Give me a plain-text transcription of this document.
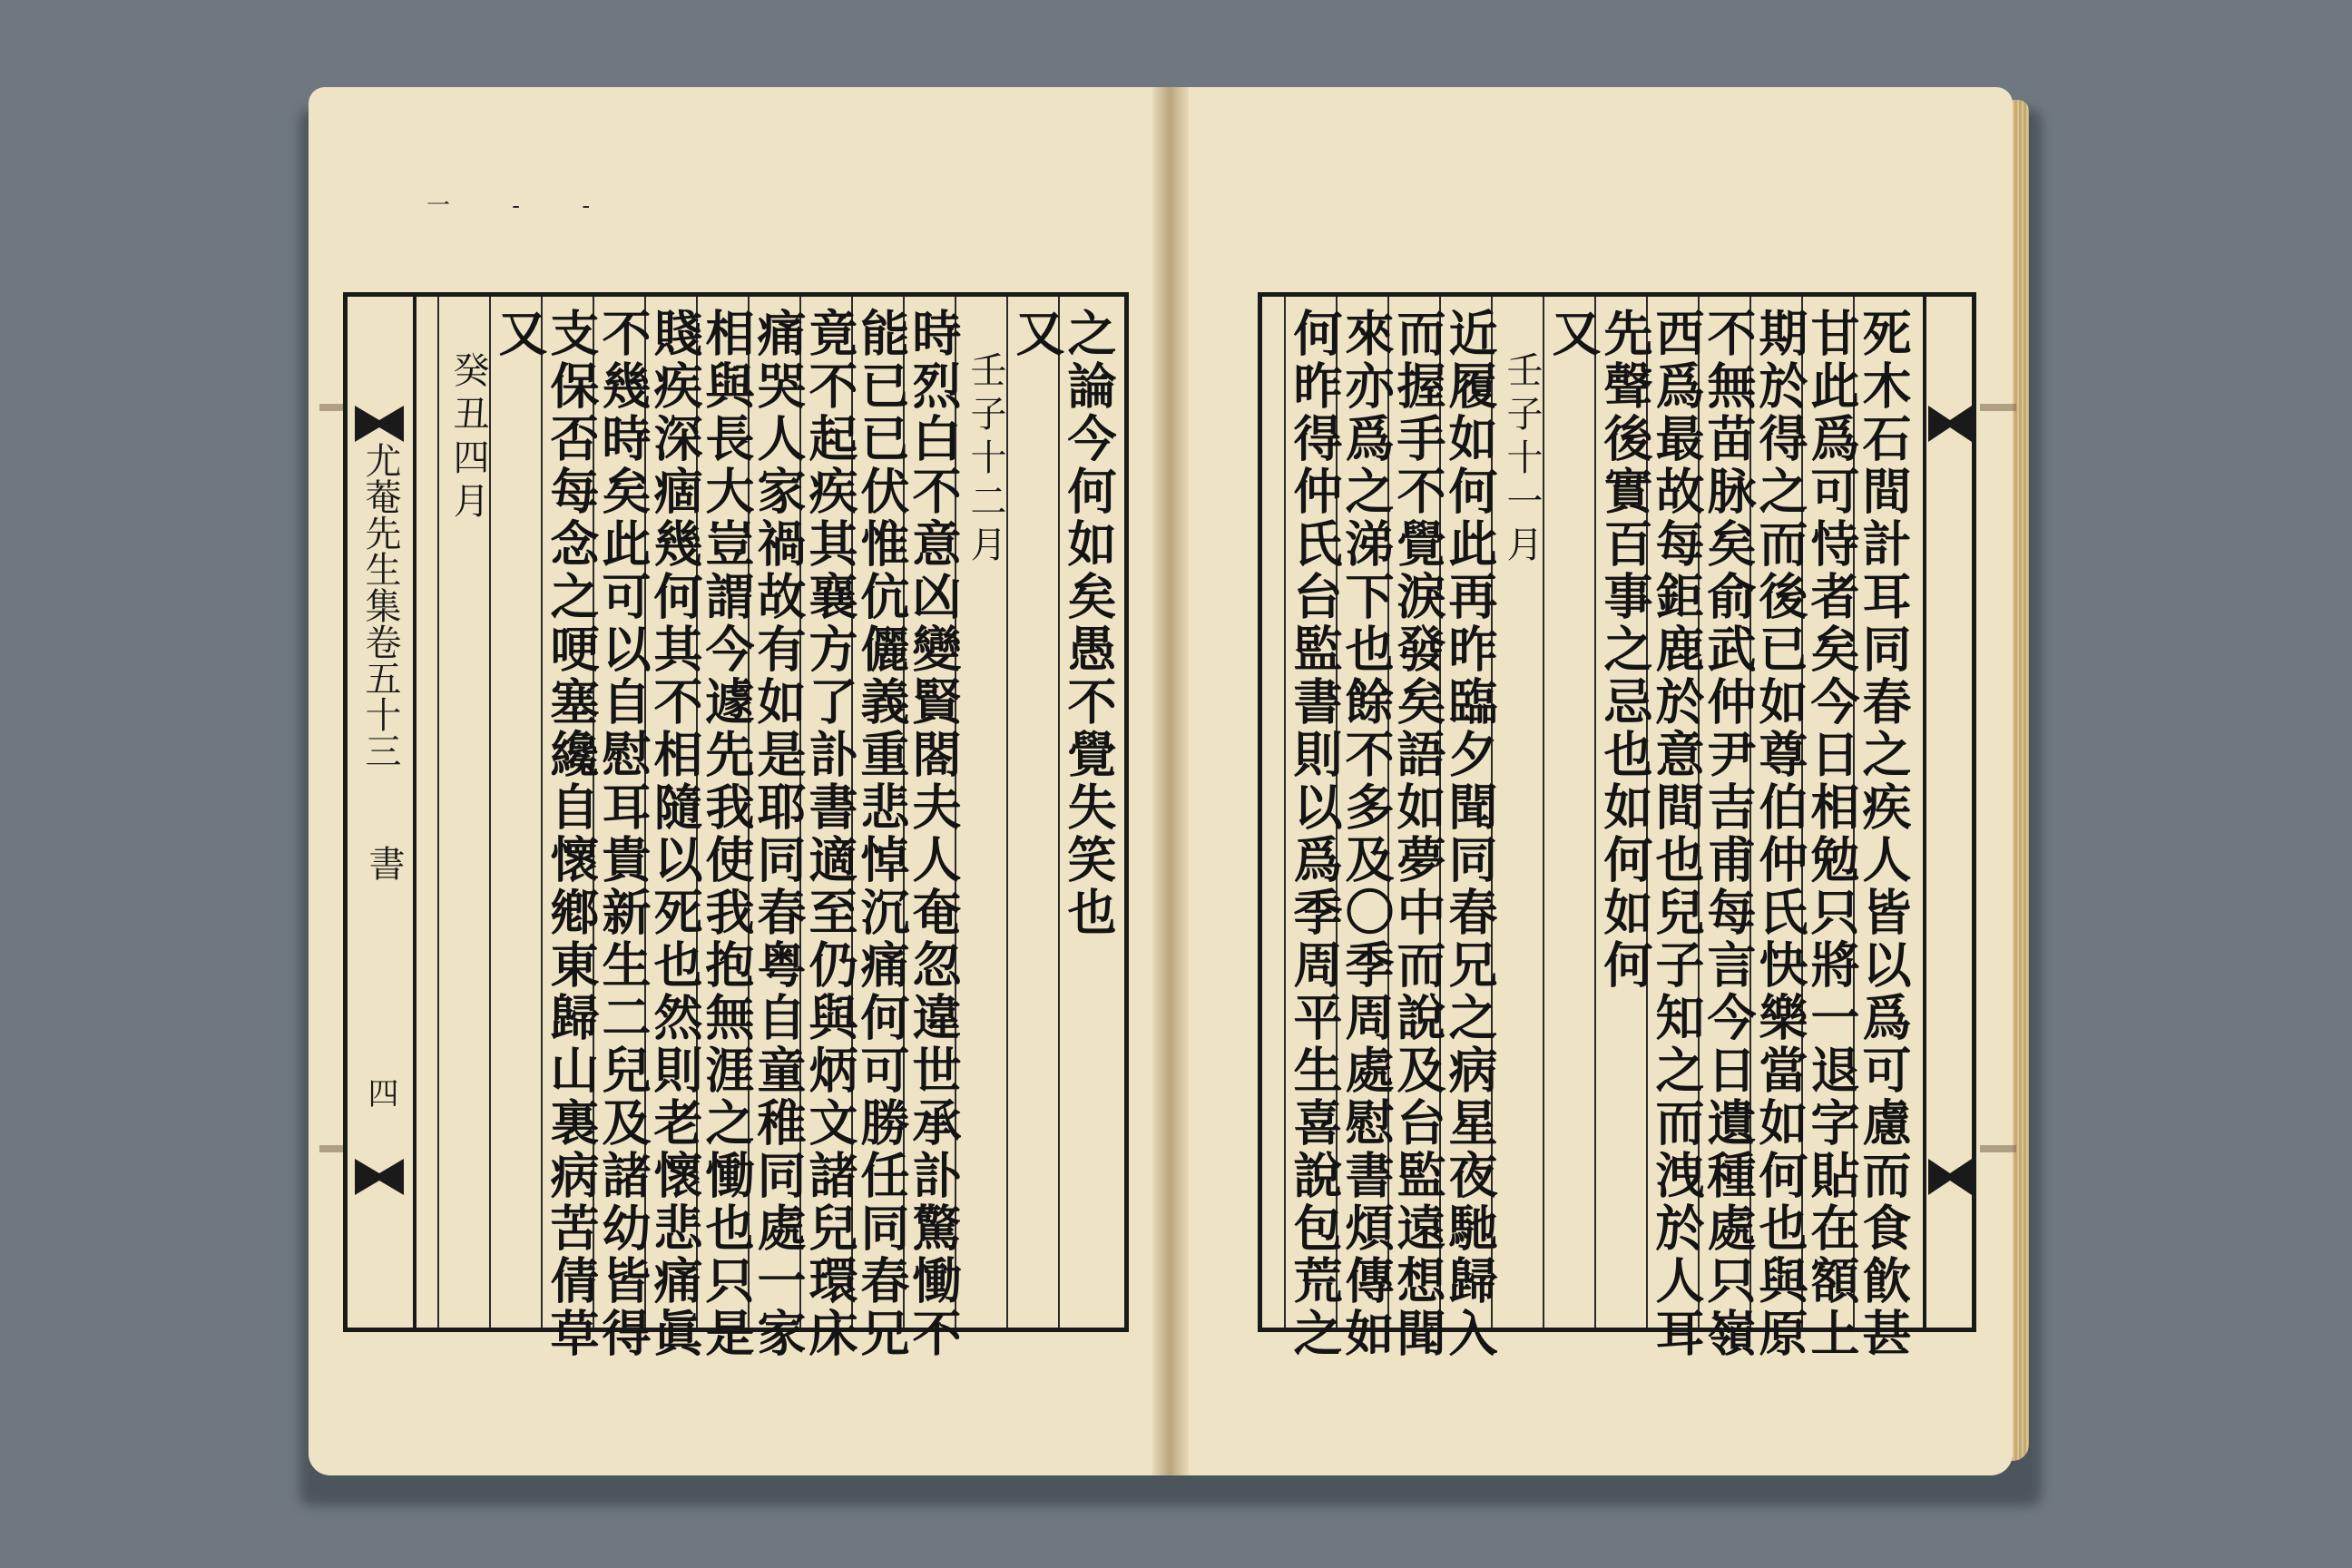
一 - -
尤菴先生集卷五十三
書
四
之論今何如矣愚不覺失笑也
又
壬子十二月
時烈白不意凶變賢閤夫人奄忽違世承訃驚慟不
能已已伏惟伉儷義重悲悼沉痛何可勝任同春兄
竟不起疾其襄方了訃書適至仍與炳文諸兒環床
痛哭人家禍故有如是耶同春粤自童稚同處一家
相與長大豈謂今遽先我使我抱無涯之慟也只是
賤疾深痼幾何其不相隨以死也然則老懷悲痛眞
不幾時矣此可以自慰耳貴新生二兒及諸幼皆得
支保否每念之哽塞纔自懷鄕東歸山裏病苦倩草
又
癸丑四月	死木石間計耳同春之疾人皆以爲可慮而食飮甚
甘此爲可恃者矣今日相勉只將一退字貼在額上
期於得之而後已如尊伯仲氏快樂當如何也與原
不無苗脉矣俞武仲尹吉甫每言今日遺種處只嶺
西爲最故每鉅鹿於意間也兒子知之而洩於人耳
先聲後實百事之忌也如何如何
又
壬子十一月
近履如何此再昨臨夕聞同春兄之病星夜馳歸入
而握手不覺淚發矣語如夢中而說及台監遠想聞
來亦爲之涕下也餘不多及〇季周處慰書煩傳如
何昨得仲氏台監書則以爲季周平生喜說包荒之
